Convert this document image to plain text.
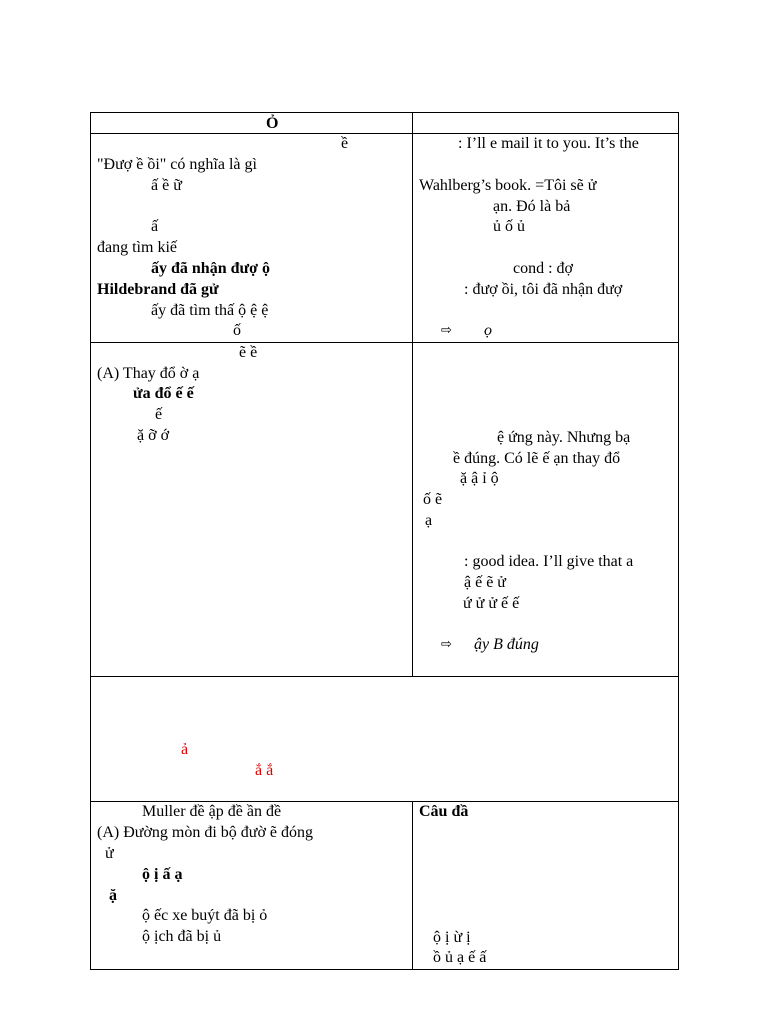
Ỏ
ề
"Đượ ề ồi" có nghĩa là gì
ấ ề ữ
ấ
đang tìm kiế
ấy đã nhận đượ ộ
Hildebrand đã gử
ấy đã tìm thấ ộ ệ ệ
ố
: I’ll e mail it to you. It’s the
Wahlberg’s book. =Tôi sẽ ử
ạn. Đó là bả
ủ ố ủ
cond : đợ
: đượ ồi, tôi đã nhận đượ
⇨ ọ
ẽ ề
(A) Thay đổ ờ ạ
ửa đổ ế ế
ế
ặ ỡ ớ	ệ ứng này. Nhưng bạ
ề đúng. Có lẽ ế ạn thay đổ
ặ ậ ỉ ộ
ố ẽ
ạ
: good idea. I’ll give that a
ậ ế ẽ ử
ứ ử ử ế ế
⇨ ậy B đúng
ả
ắ ắ
Muller đề ập đề ần đề
(A) Đường mòn đi bộ đườ ẽ đóng
ử
ộ ị ấ ạ
ặ
ộ ếc xe buýt đã bị ỏ
ộ ịch đã bị ủ
Câu đầ
ộ ị ừ ị
ồ ủ ạ ế ấ
